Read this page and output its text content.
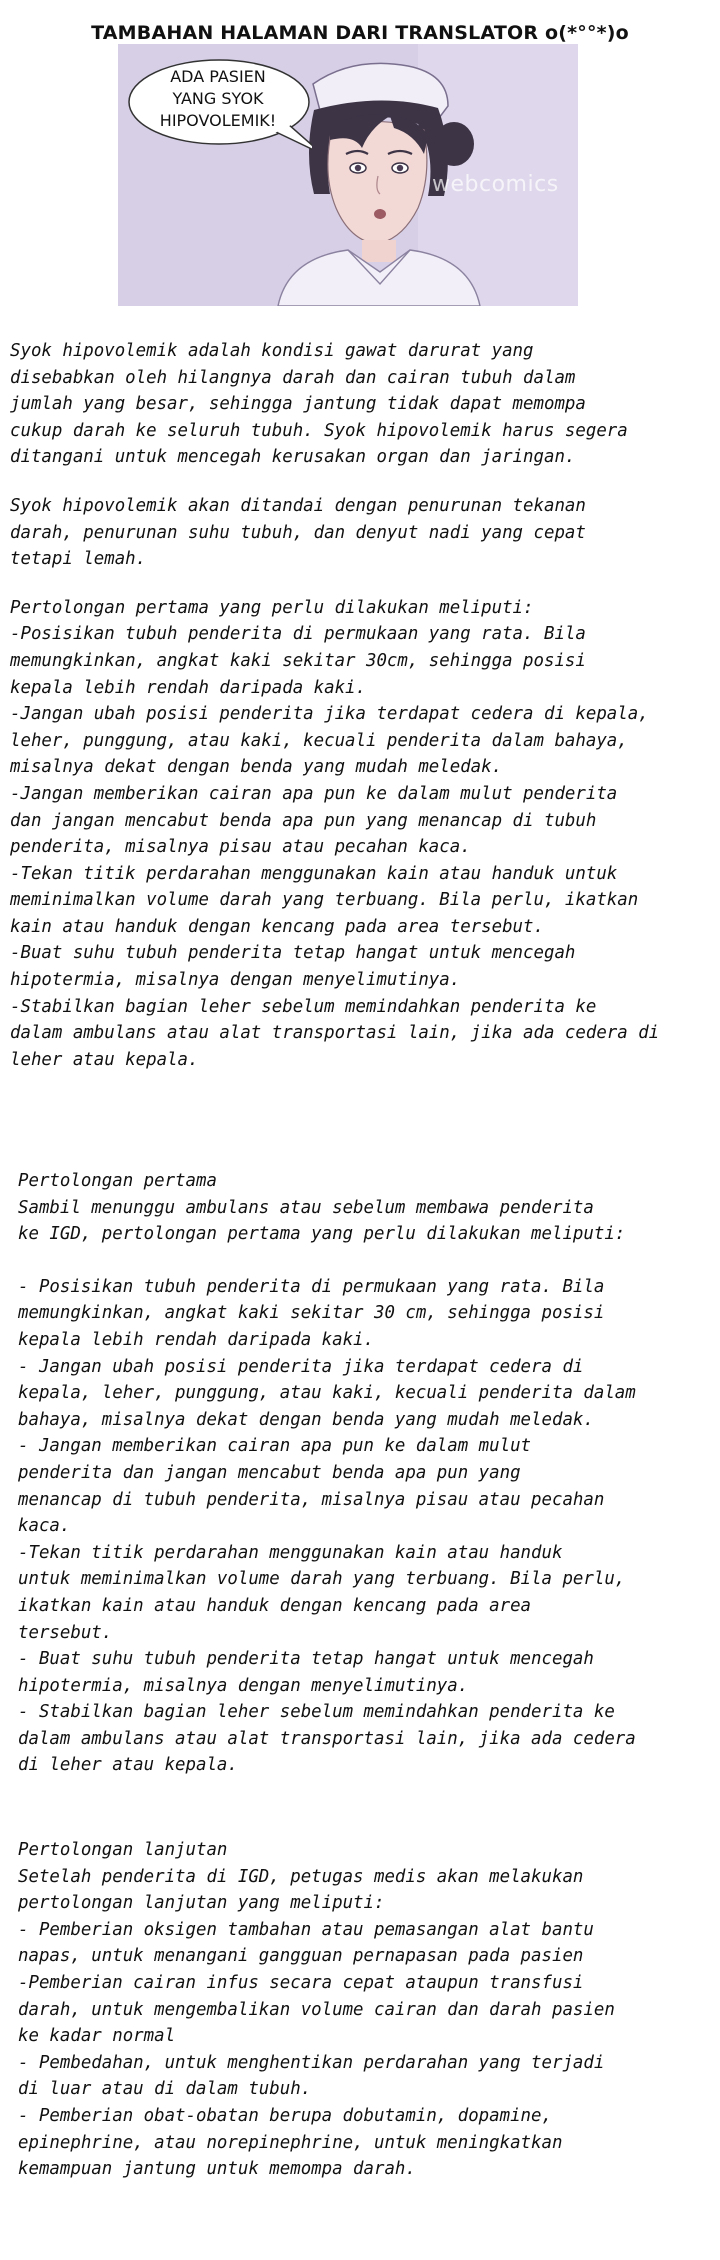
TAMBAHAN HALAMAN DARI TRANSLATOR o(*°°*)o
ADA PASIEN
YANG SYOK
HIPOVOLEMIK!
webcomics

Syok hipovolemik adalah kondisi gawat darurat yang
disebabkan oleh hilangnya darah dan cairan tubuh dalam
jumlah yang besar, sehingga jantung tidak dapat memompa
cukup darah ke seluruh tubuh. Syok hipovolemik harus segera
ditangani untuk mencegah kerusakan organ dan jaringan.

Syok hipovolemik akan ditandai dengan penurunan tekanan
darah, penurunan suhu tubuh, dan denyut nadi yang cepat
tetapi lemah.

Pertolongan pertama yang perlu dilakukan meliputi:
-Posisikan tubuh penderita di permukaan yang rata. Bila
memungkinkan, angkat kaki sekitar 30cm, sehingga posisi
kepala lebih rendah daripada kaki.
-Jangan ubah posisi penderita jika terdapat cedera di kepala,
leher, punggung, atau kaki, kecuali penderita dalam bahaya,
misalnya dekat dengan benda yang mudah meledak.
-Jangan memberikan cairan apa pun ke dalam mulut penderita
dan jangan mencabut benda apa pun yang menancap di tubuh
penderita, misalnya pisau atau pecahan kaca.
-Tekan titik perdarahan menggunakan kain atau handuk untuk
meminimalkan volume darah yang terbuang. Bila perlu, ikatkan
kain atau handuk dengan kencang pada area tersebut.
-Buat suhu tubuh penderita tetap hangat untuk mencegah
hipotermia, misalnya dengan menyelimutinya.
-Stabilkan bagian leher sebelum memindahkan penderita ke
dalam ambulans atau alat transportasi lain, jika ada cedera di
leher atau kepala.

Pertolongan pertama
Sambil menunggu ambulans atau sebelum membawa penderita
ke IGD, pertolongan pertama yang perlu dilakukan meliputi:

- Posisikan tubuh penderita di permukaan yang rata. Bila
memungkinkan, angkat kaki sekitar 30 cm, sehingga posisi
kepala lebih rendah daripada kaki.
- Jangan ubah posisi penderita jika terdapat cedera di
kepala, leher, punggung, atau kaki, kecuali penderita dalam
bahaya, misalnya dekat dengan benda yang mudah meledak.
- Jangan memberikan cairan apa pun ke dalam mulut
penderita dan jangan mencabut benda apa pun yang
menancap di tubuh penderita, misalnya pisau atau pecahan
kaca.
-Tekan titik perdarahan menggunakan kain atau handuk
untuk meminimalkan volume darah yang terbuang. Bila perlu,
ikatkan kain atau handuk dengan kencang pada area
tersebut.
- Buat suhu tubuh penderita tetap hangat untuk mencegah
hipotermia, misalnya dengan menyelimutinya.
- Stabilkan bagian leher sebelum memindahkan penderita ke
dalam ambulans atau alat transportasi lain, jika ada cedera
di leher atau kepala.

Pertolongan lanjutan
Setelah penderita di IGD, petugas medis akan melakukan
pertolongan lanjutan yang meliputi:
- Pemberian oksigen tambahan atau pemasangan alat bantu
napas, untuk menangani gangguan pernapasan pada pasien
-Pemberian cairan infus secara cepat ataupun transfusi
darah, untuk mengembalikan volume cairan dan darah pasien
ke kadar normal
- Pembedahan, untuk menghentikan perdarahan yang terjadi
di luar atau di dalam tubuh.
- Pemberian obat-obatan berupa dobutamin, dopamine,
epinephrine, atau norepinephrine, untuk meningkatkan
kemampuan jantung untuk memompa darah.
